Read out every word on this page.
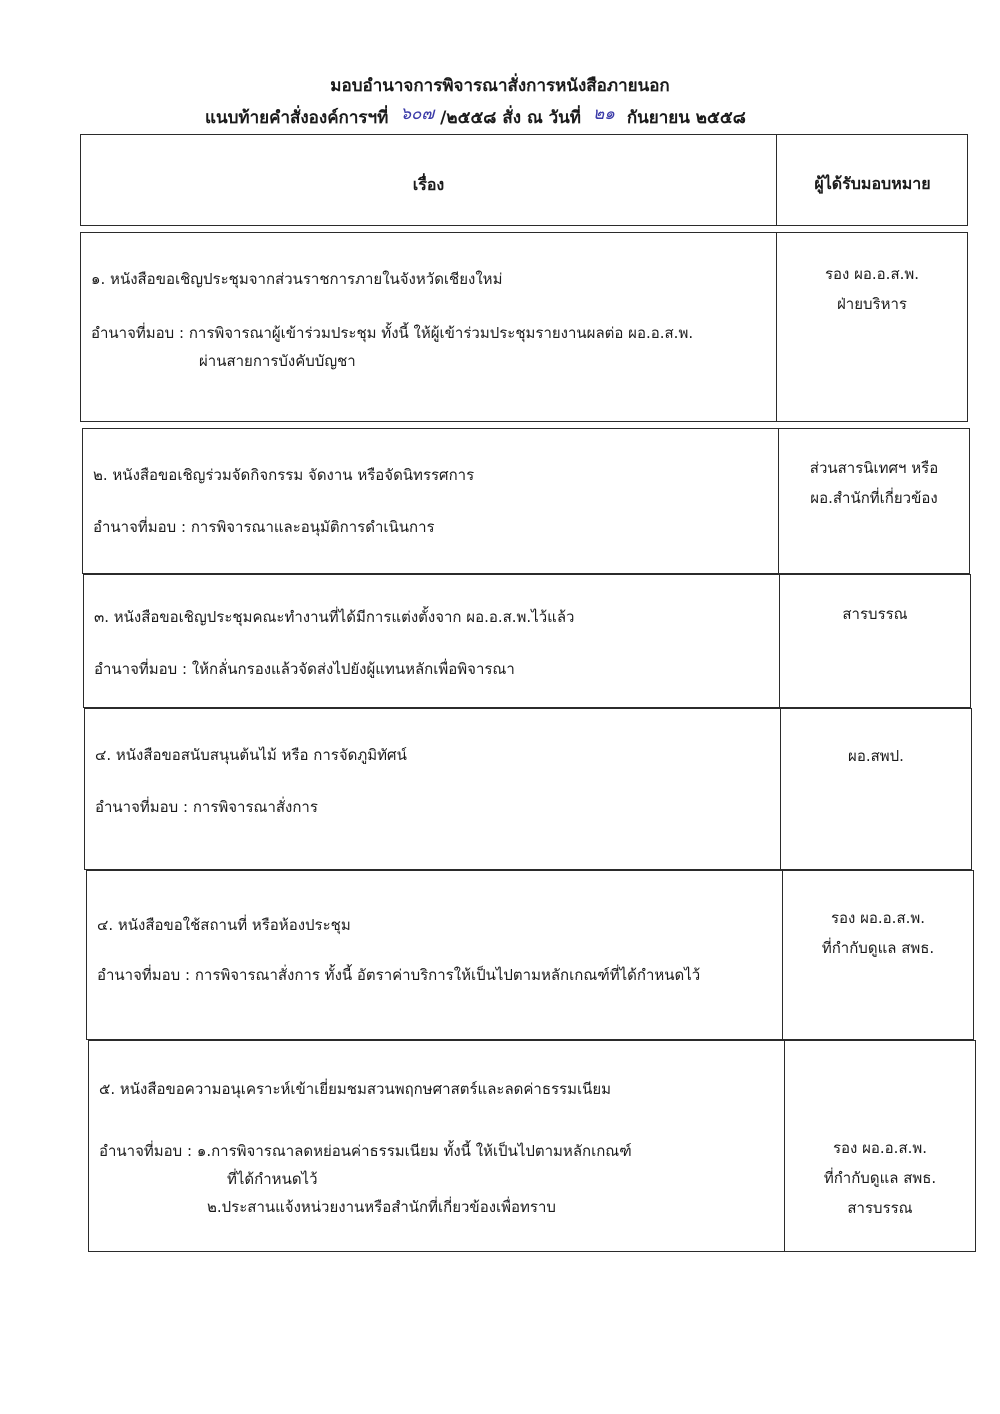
มอบอำนาจการพิจารณาสั่งการหนังสือภายนอก
แนบท้ายคำสั่งองค์การฯที่ ๖๐๗ /๒๕๕๘ สั่ง ณ วันที่ ๒๑ กันยายน ๒๕๕๘
เรื่อง	ผู้ได้รับมอบหมาย
๑. หนังสือขอเชิญประชุมจากส่วนราชการภายในจังหวัดเชียงใหม่
อำนาจที่มอบ : การพิจารณาผู้เข้าร่วมประชุม ทั้งนี้ ให้ผู้เข้าร่วมประชุมรายงานผลต่อ ผอ.อ.ส.พ.
ผ่านสายการบังคับบัญชา
รอง ผอ.อ.ส.พ.
ฝ่ายบริหาร
๒. หนังสือขอเชิญร่วมจัดกิจกรรม จัดงาน หรือจัดนิทรรศการ
อำนาจที่มอบ : การพิจารณาและอนุมัติการดำเนินการ
ส่วนสารนิเทศฯ หรือ
ผอ.สำนักที่เกี่ยวข้อง
๓. หนังสือขอเชิญประชุมคณะทำงานที่ได้มีการแต่งตั้งจาก ผอ.อ.ส.พ.ไว้แล้ว
อำนาจที่มอบ : ให้กลั่นกรองแล้วจัดส่งไปยังผู้แทนหลักเพื่อพิจารณา
สารบรรณ
๔. หนังสือขอสนับสนุนต้นไม้ หรือ การจัดภูมิทัศน์
อำนาจที่มอบ : การพิจารณาสั่งการ
ผอ.สพป.
๔. หนังสือขอใช้สถานที่ หรือห้องประชุม
อำนาจที่มอบ : การพิจารณาสั่งการ ทั้งนี้ อัตราค่าบริการให้เป็นไปตามหลักเกณฑ์ที่ได้กำหนดไว้
รอง ผอ.อ.ส.พ.
ที่กำกับดูแล สพธ.
๕. หนังสือขอความอนุเคราะห์เข้าเยี่ยมชมสวนพฤกษศาสตร์และลดค่าธรรมเนียม
อำนาจที่มอบ : ๑.การพิจารณาลดหย่อนค่าธรรมเนียม ทั้งนี้ ให้เป็นไปตามหลักเกณฑ์
ที่ได้กำหนดไว้
๒.ประสานแจ้งหน่วยงานหรือสำนักที่เกี่ยวข้องเพื่อทราบ
รอง ผอ.อ.ส.พ.
ที่กำกับดูแล สพธ.
สารบรรณ
